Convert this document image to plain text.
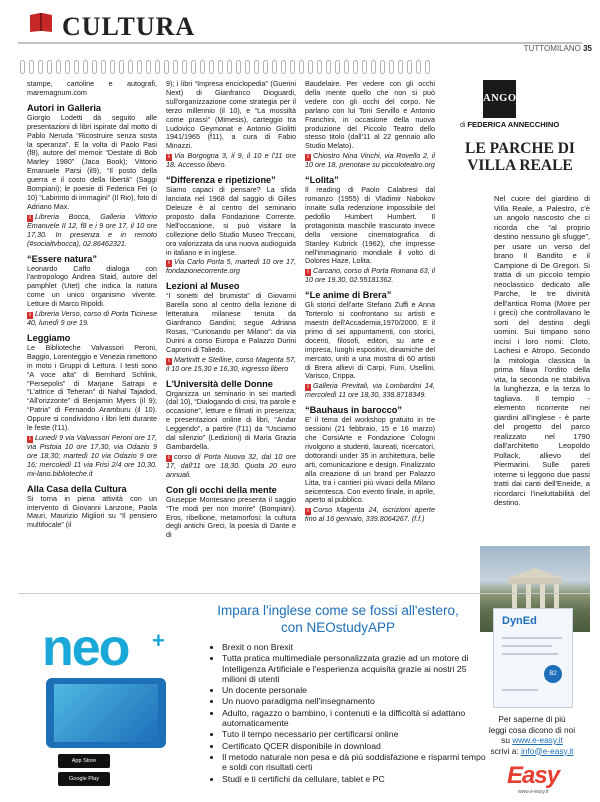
CULTURA
TUTTOMILANO 35

stampe, cartoline e autografi, maremagnum.com

Autori in Galleria

Giorgio Lodetti dà seguito alle presentazioni di libri ispirate dal motto di Pablo Neruda “Ricostruire senza sosta la speranza”. E la volta di Paolo Pasi (f8), autore del memoir “Destate di Bob Marley 1980” (Jaca Book); Vittorio Emanuele Parsi (il9), “Il posto della guerra e il costo della libertà” (Saggi Bompiani); le poesie di Federica Fei (o 10) “Labirinto di immagini” (Il Rio), foto di Adriano Max.

i Libreria Bocca, Galleria Vittorio Emanuele II 12, f8 e i 9 ore 17, il 10 ore 17,30. In presenza e in remoto (#socialtvbocca), 02.86462321.

“Essere natura”

Leonardo Caffo dialoga con l'antropologo Andrea Staid, autore del pamphlet (Utet) che indica la natura come un unico organismo vivente. Letture di Marco Ripoldi.

i Libreria Verso, corso di Porta Ticinese 40, lunedì 9 ore 19.

Leggiamo

Le Biblioteche Valvassori Peroni, Baggio, Lorenteggio e Venezia rimettono in moto i Gruppi di Lettura. I testi sono “A voce alta” di Bernhard Schlink, “Persepolis” di Marjane Satrapi e “L'attrice di Teheran” di Nahal Tajadod, “All'orizzonte” di Benjamin Myers (il 9); “Patria” di Fernando Aramburu (il 10). Oppure si condividono i libri letti durante le feste (l'11).

i Lunedì 9 via Valvassori Peroni ore 17, via Pistoia 10 ore 17,30, via Odazio 9 ore 18,30; martedì 10 via Odazio 9 ore 16; mercoledì 11 via Frisi 2/4 ore 10,30. mi-lano.biblioteche.it

Alla Casa della Cultura

Si torna in piena attività con un intervento di Giovanni Lanzone, Paola Mauri, Maurizio Migliori su “Il pensiero multifocale” (il

9); i libri “Impresa enciclopedia” (Guerini Next) di Gianfranco Dioguardi, sull'organizzazione come strategia per il terzo millennio (il 10), e “La mossiltà come prassi” (Mimesis), carteggio tra Ludovico Geymonat e Antonio Giolitti 1941/1965 (f11), a cura di Fabio Minazzi.

i Via Borgogna 3, il 9, il 10 e l'11 ore 18. Accesso libero.

“Differenza e ripetizione”

Siamo capaci di pensare? La sfida lanciata nel 1968 dal saggio di Gilles Deleuze è al centro del seminario proposto dalla Fondazione Corrente. Nell'occasione, si può visitare la collezione dello Studio Museo Treccani, ora valorizzata da una nuova audioguida in italiano e in inglese.

i Via Carlo Porta 5, martedì 10 ore 17, fondazionecorrente.org

Lezioni al Museo

“I sonetti del brumista” di Giovanni Barella sono al centro della lezione di letteratura milanese tenuta da Gianfranco Gandini; segue Adriana Rosas, “Curiosando per Milano”: da via Durini a corso Europa e Palazzo Durini Caproni di Taliedo.

i Martinitt e Stelline, corso Magenta 57, il 10 ore 15,30 e 16,30, ingresso libero

L'Università delle Donne

Organizza un seminario in sei martedì (dal 10), “Dialogando di crisi, tra parole e occasione”, letture e filmati in presenza; e presentazioni online di libri, “Andar Leggendo”, a partire (l'11) da “Usciamo dal silenzio” (Ledizioni) di Maria Grazia Gambardella.

i corso di Porta Nuova 32, dal 10 ore 17, dall'11 ore 18,30. Quota 20 euro annuali.

Con gli occhi della mente

Giuseppe Montesano presenta il saggio “Tre modi per non morire” (Bompiani). Eros, ribellione, metamorfosi: la cultura degli antichi Greci, la poesia di Dante e di

Baudelaire. Per vedere con gli occhi della mente quello che non si può vedere con gli occhi del corpo. Ne parlano con lui Toni Servillo e Antonio Franchini, in occasione della nuova produzione del Piccolo Teatro dello stesso titolo (dall'11 al 22 gennaio allo Studio Melato).

i Chiostro Nina Vinchi, via Rovello 2, il 10 ore 18, prenotare su piccoloteatro.org

“Lolita”

Il reading di Paolo Calabresi dal romanzo (1955) di Vladimir Nabokov innaite sulla redenzione impossibile del pedofilo Humbert Humbert. Il protagonista maschile trascurato invece della versione cinematografica di Stanley Kubrick (1962), che impresse nell'immaginario mondiale il volto di Dolores Haze, Lolita.

i Carcano, corso di Porta Romana 63, il 10 ore 19,30, 02.55181362.

“Le anime di Brera”

Gli storici dell'arte Stefano Zuffi e Anna Torterolo si confrontano su artisti e maestri dell'Accademia,1970/2000. E il primo di sei appuntamenti, con storici, docenti, filosofi, editori, su arte e impresa, luoghi espositivi, dinamiche del mercato, uniti a una mostra di 60 artisti di Brera allievi di Carpi, Funi, Usellini, Varisco, Crippa.

i Galleria Previtali, via Lombardini 14, mercoledì 11 ore 18,30, 338.8718349.

“Bauhaus in barocco”

E' il tema del workshop gratuito in tre sessioni (21 febbraio, 15 e 16 marzo) che CorsiArte e Fondazione Cologni rivolgono a studenti, laureati, ricercatori, dottorandi under 35 in architettura, belle arti, comunicazione e design. Finalizzato alla creazione di un brand per Palazzo Litta, tra i cantieri più vivaci della Milano seicentesca. Con evento finale, in aprile, aperto al pubblico.

i Corso Magenta 24, iscrizioni aperte fino al 16 gennaio, 339.8064267. (f.f.)

ANGOLI
di FEDERICA ANNECCHINO
LE PARCHE DI VILLA REALE

Nel cuore del giardino di Villa Reale, a Palestro, c'è un angolo nascosto che ci ricorda che “al proprio destino nessuno gli sfugge”, per usare un verso del brano Il Bandito e il Campione di De Gregori. Si tratta di un piccolo tempio neoclassico dedicato alle Parche, le tre divinità dell'antica Roma (Moire per i greci) che controllavano le sorti del destino degli uomini. Sui timpano sono incisi i loro nomi: Cloto, Lachesi e Atropo. Secondo la mitologia classica la prima filava l'ordito della vita, la seconda ne stabiliva la lunghezza, e la terza lo tagliava. Il tempio - elemento ricorrente nei giardini all'inglese - è parte del progetto del parco realizzato nel 1790 dall'architetto Leopoldo Pollack, allievo del Piermarini. Sulle pareti interne si leggono due passi tratti dai canti dell'Eneide, a ricordarci l'ineluttabilità del destino.

neo +
App Store
Google Play
Impara l'inglese come se fossi all'estero, con NEOstudyAPP
• Brexit o non Brexit
• Tutta pratica multimediale personalizzata grazie ad un motore di Intelligenza Artificiale e l'esperienza acquisita grazie ai nostri 25 milioni di utenti
• Un docente personale
• Un nuovo paradigma nell'insegnamento
• Adulto, ragazzo o bambino, i contenuti e la difficoltà si adattano automaticamente
• Tuto il tempo necessario per certificarsi online
• Certificato QCER disponibile in download
• Il metodo naturale non pesa e dà più soddisfazione e risparmi tempo e soldi con risultati certi
• Studi e ti certifichi da cellulare, tablet e PC
DynEd
B2
Per saperne di più
leggi cosa dicono di noi
su www.e-easy.it
scrivi a: info@e-easy.it
Easy
www.e-easy.it
